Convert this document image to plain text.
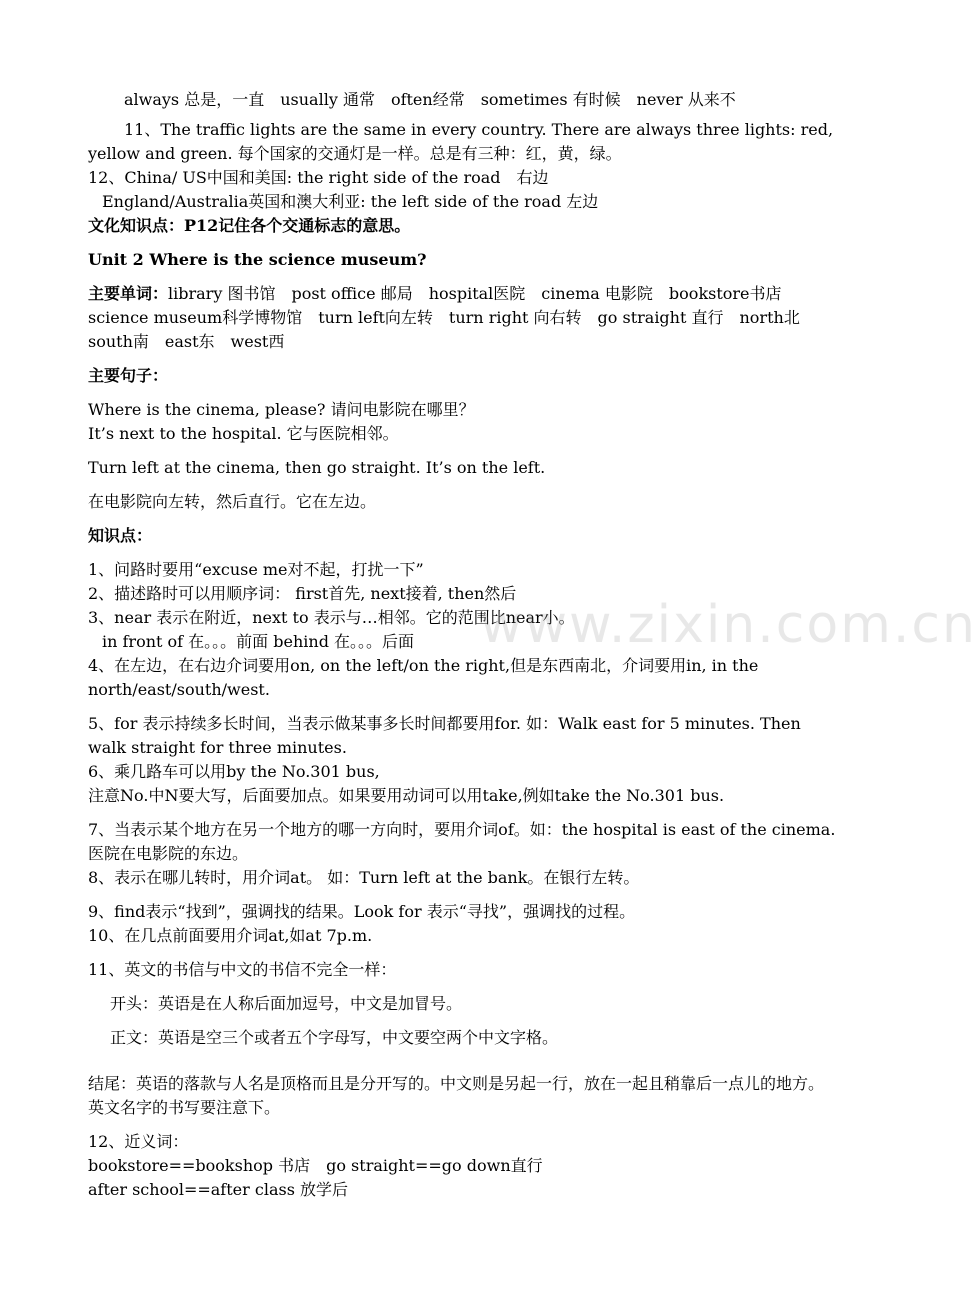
always 总是，一直　usually 通常　often经常　sometimes 有时候　never 从来不

11、The traffic lights are the same in every country. There are always three lights: red, yellow and green. 每个国家的交通灯是一样。总是有三种：红，黄，绿。

12、China/ US中国和美国: the right side of the road　右边

England/Australia英国和澳大利亚: the left side of the road 左边

文化知识点：P12记住各个交通标志的意思。

Unit 2 Where is the science museum?

主要单词：library 图书馆　post office 邮局　hospital医院　cinema 电影院　bookstore书店

science museum科学博物馆　turn left向左转　turn right 向右转　go straight 直行　north北

south南　east东　west西

主要句子：

Where is the cinema, please? 请问电影院在哪里？

It’s next to the hospital. 它与医院相邻。

Turn left at the cinema, then go straight. It’s on the left.

在电影院向左转，然后直行。它在左边。

知识点：

1、问路时要用“excuse me对不起，打扰一下”

2、描述路时可以用顺序词： first首先, next接着, then然后

3、near 表示在附近，next to 表示与…相邻。它的范围比near小。

in front of 在。。。前面 behind 在。。。后面

4、在左边，在右边介词要用on, on the left/on the right,但是东西南北，介词要用in, in the north/east/south/west.

5、for 表示持续多长时间，当表示做某事多长时间都要用for. 如：Walk east for 5 minutes. Then walk straight for three minutes.

6、乘几路车可以用by the No.301 bus,

注意No.中N要大写，后面要加点。如果要用动词可以用take,例如take the No.301 bus.

7、当表示某个地方在另一个地方的哪一方向时，要用介词of。如：the hospital is east of the cinema. 医院在电影院的东边。

8、表示在哪儿转时，用介词at。 如：Turn left at the bank。在银行左转。

9、find表示“找到”，强调找的结果。Look for 表示“寻找”，强调找的过程。

10、在几点前面要用介词at,如at 7p.m.

11、英文的书信与中文的书信不完全一样：

开头：英语是在人称后面加逗号，中文是加冒号。

正文：英语是空三个或者五个字母写，中文要空两个中文字格。

结尾：英语的落款与人名是顶格而且是分开写的。中文则是另起一行，放在一起且稍靠后一点儿的地方。英文名字的书写要注意下。

12、近义词：

bookstore==bookshop 书店　go straight==go down直行

after school==after class 放学后

www.zixin.com.cn
